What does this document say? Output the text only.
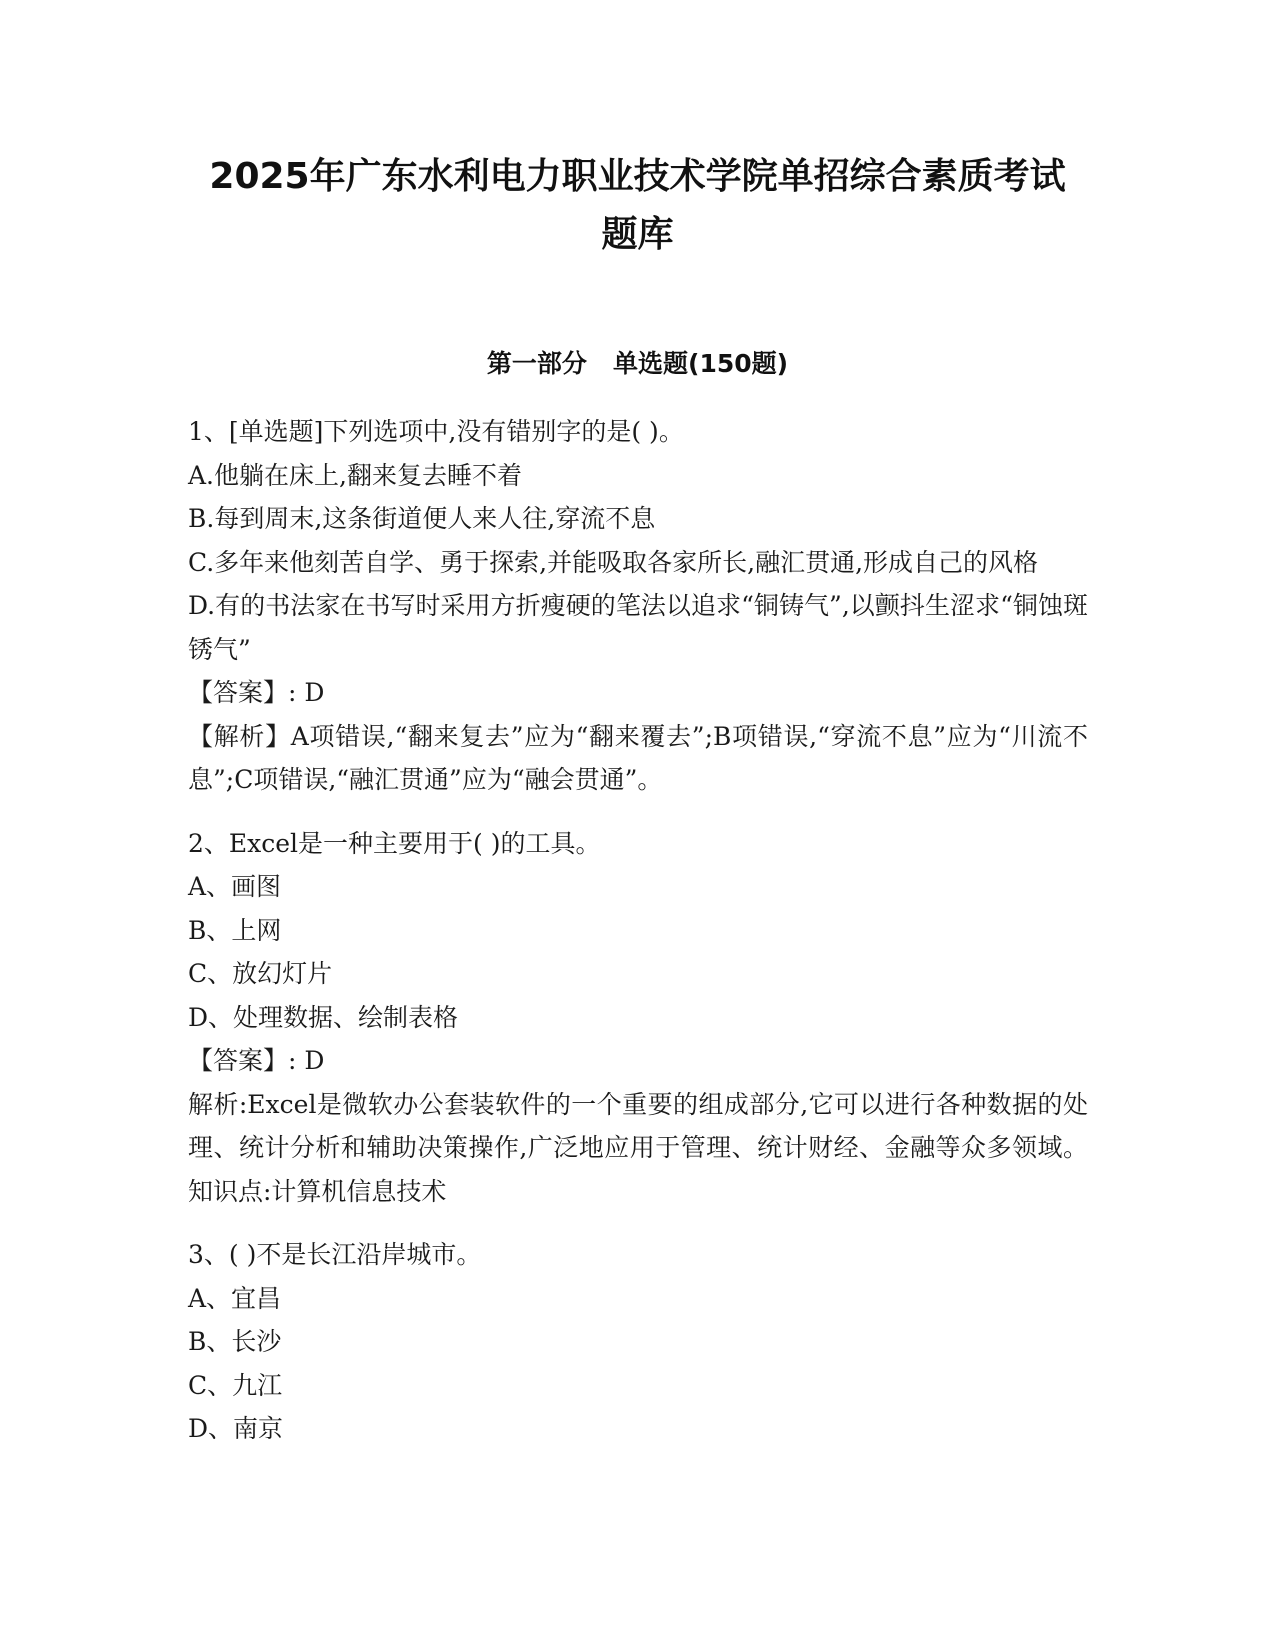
2025年广东水利电力职业技术学院单招综合素质考试
题库
第一部分   单选题(150题)
1、[单选题]下列选项中,没有错别字的是( )。
A.他躺在床上,翻来复去睡不着
B.每到周末,这条街道便人来人往,穿流不息
C.多年来他刻苦自学、勇于探索,并能吸取各家所长,融汇贯通,形成自己的风格
D.有的书法家在书写时采用方折瘦硬的笔法以追求“铜铸气”,以颤抖生涩求“铜蚀斑锈气”
【答案】: D
【解析】A项错误,“翻来复去”应为“翻来覆去”;B项错误,“穿流不息”应为“川流不息”;C项错误,“融汇贯通”应为“融会贯通”。
2、Excel是一种主要用于( )的工具。
A、画图
B、上网
C、放幻灯片
D、处理数据、绘制表格
【答案】: D
解析:Excel是微软办公套装软件的一个重要的组成部分,它可以进行各种数据的处理、统计分析和辅助决策操作,广泛地应用于管理、统计财经、金融等众多领域。知识点:计算机信息技术
3、( )不是长江沿岸城市。
A、宜昌
B、长沙
C、九江
D、南京
